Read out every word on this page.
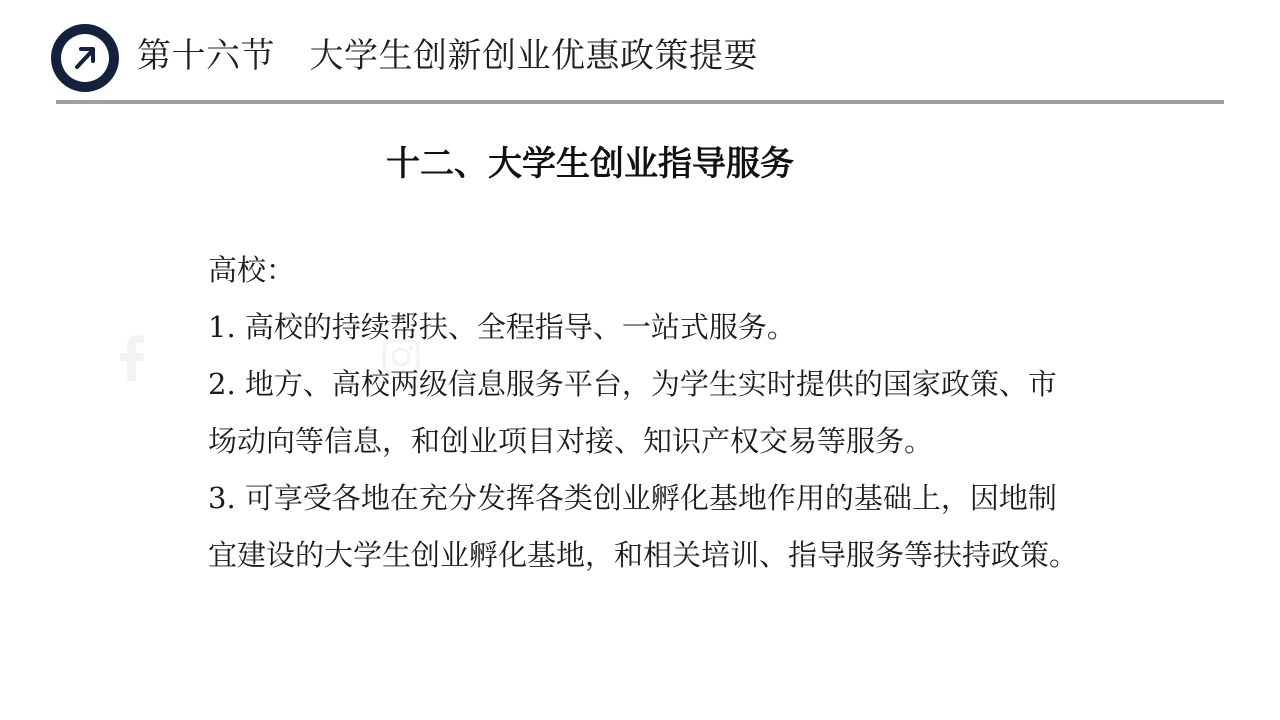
第十六节　大学生创新创业优惠政策提要
十二、大学生创业指导服务
高校：
1. 高校的持续帮扶、全程指导、一站式服务。
2. 地方、高校两级信息服务平台，为学生实时提供的国家政策、市
场动向等信息，和创业项目对接、知识产权交易等服务。
3. 可享受各地在充分发挥各类创业孵化基地作用的基础上，因地制
宜建设的大学生创业孵化基地，和相关培训、指导服务等扶持政策。
